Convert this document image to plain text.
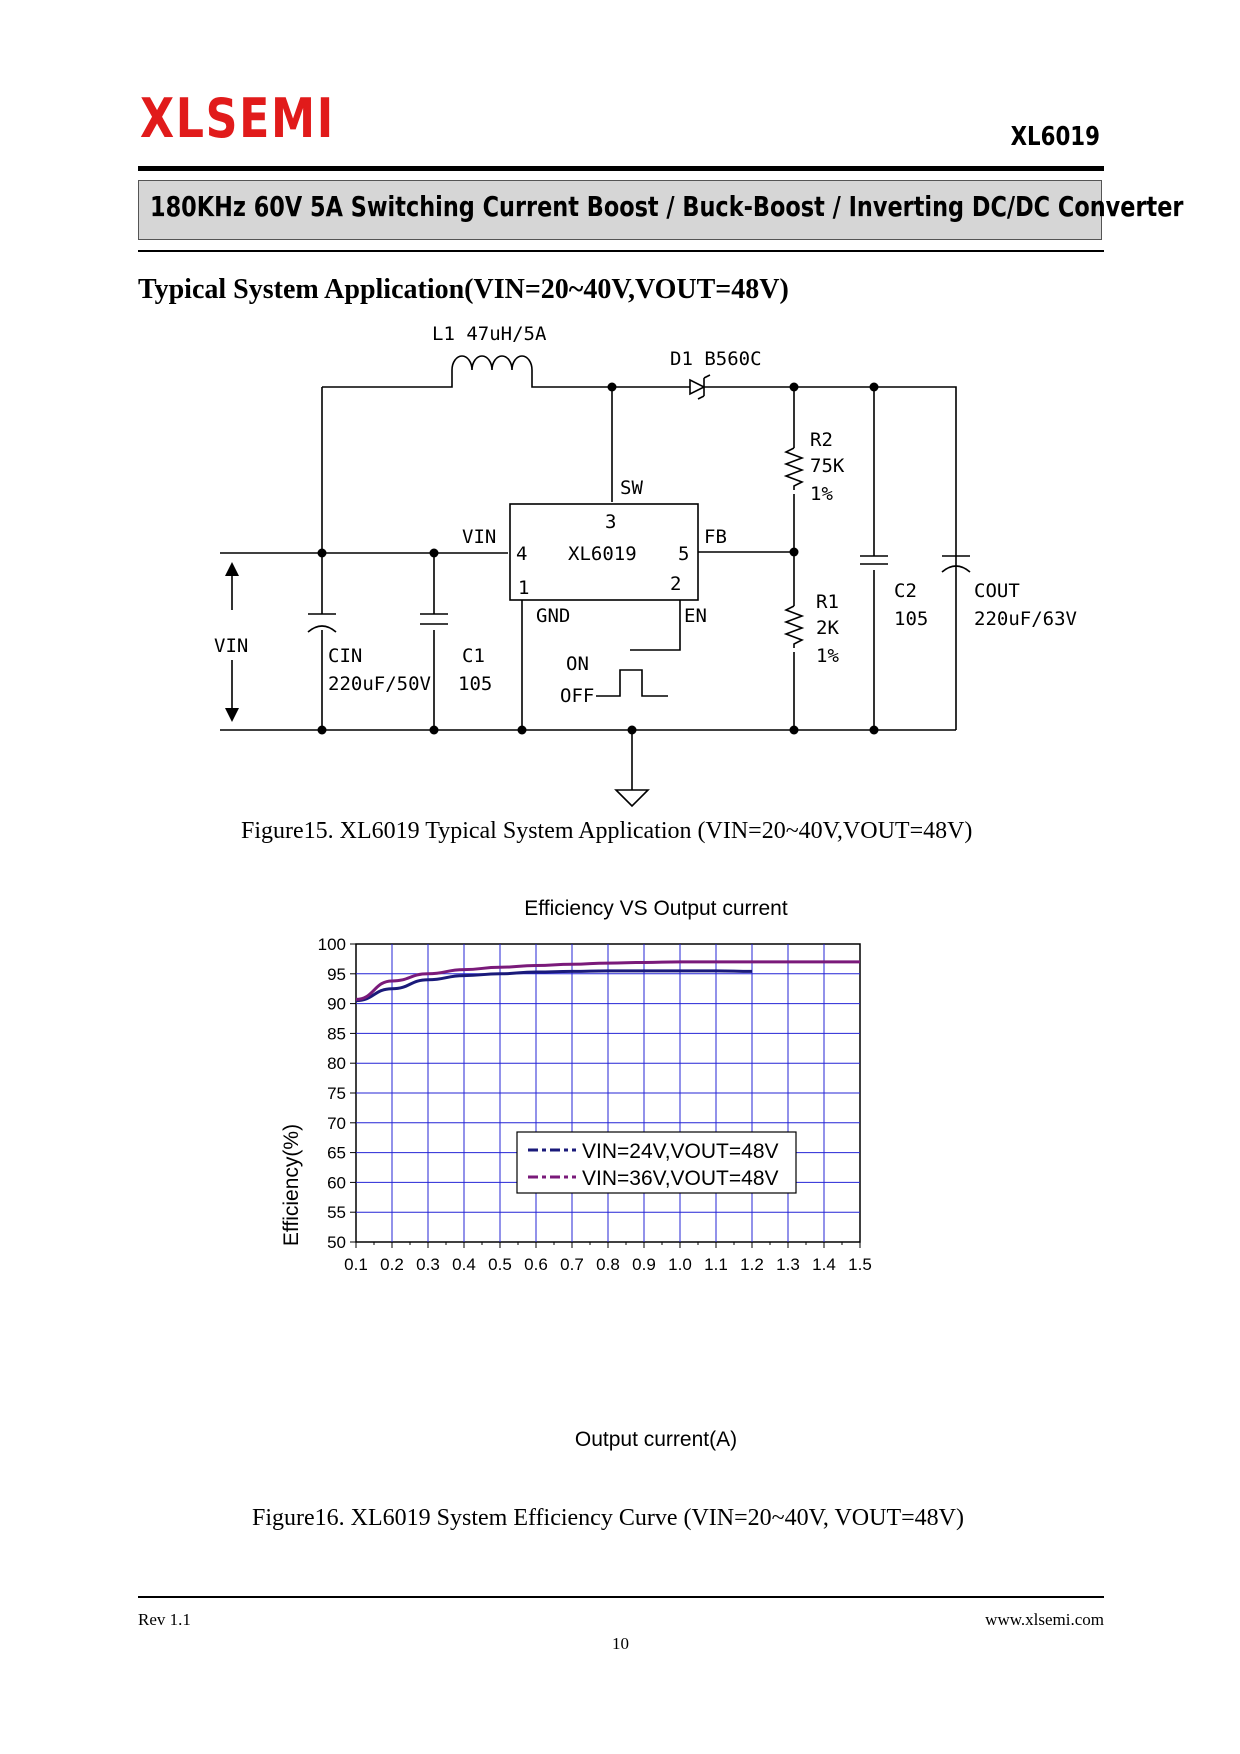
XLSEMI	XL6019
180KHz 60V 5A Switching Current Boost / Buck-Boost / Inverting DC/DC Converter
Typical System Application(VIN=20~40V,VOUT=48V)
L1 47uH/5A
D1 B560C
R2
75K
1%
R1
2K
1%
C2
105
COUT
220uF/63V
CIN
220uF/50V
C1
105
VIN
SW
3
VIN
4 XL6019 5
FB
1	2
GND	EN
ON
OFF
Figure15. XL6019 Typical System Application (VIN=20~40V,VOUT=48V)
Efficiency VS Output current
Output current(A)
Efficiency(%)
0.1 0.2 0.3 0.4 0.5 0.6 0.7 0.8 0.9 1.0 1.1 1.2 1.3 1.4 1.5
50
55
60
65
70
75
80
85
90
95
100
VIN=24V,VOUT=48V
VIN=36V,VOUT=48V
Figure16. XL6019 System Efficiency Curve (VIN=20~40V, VOUT=48V)
Rev 1.1	www.xlsemi.com
10
